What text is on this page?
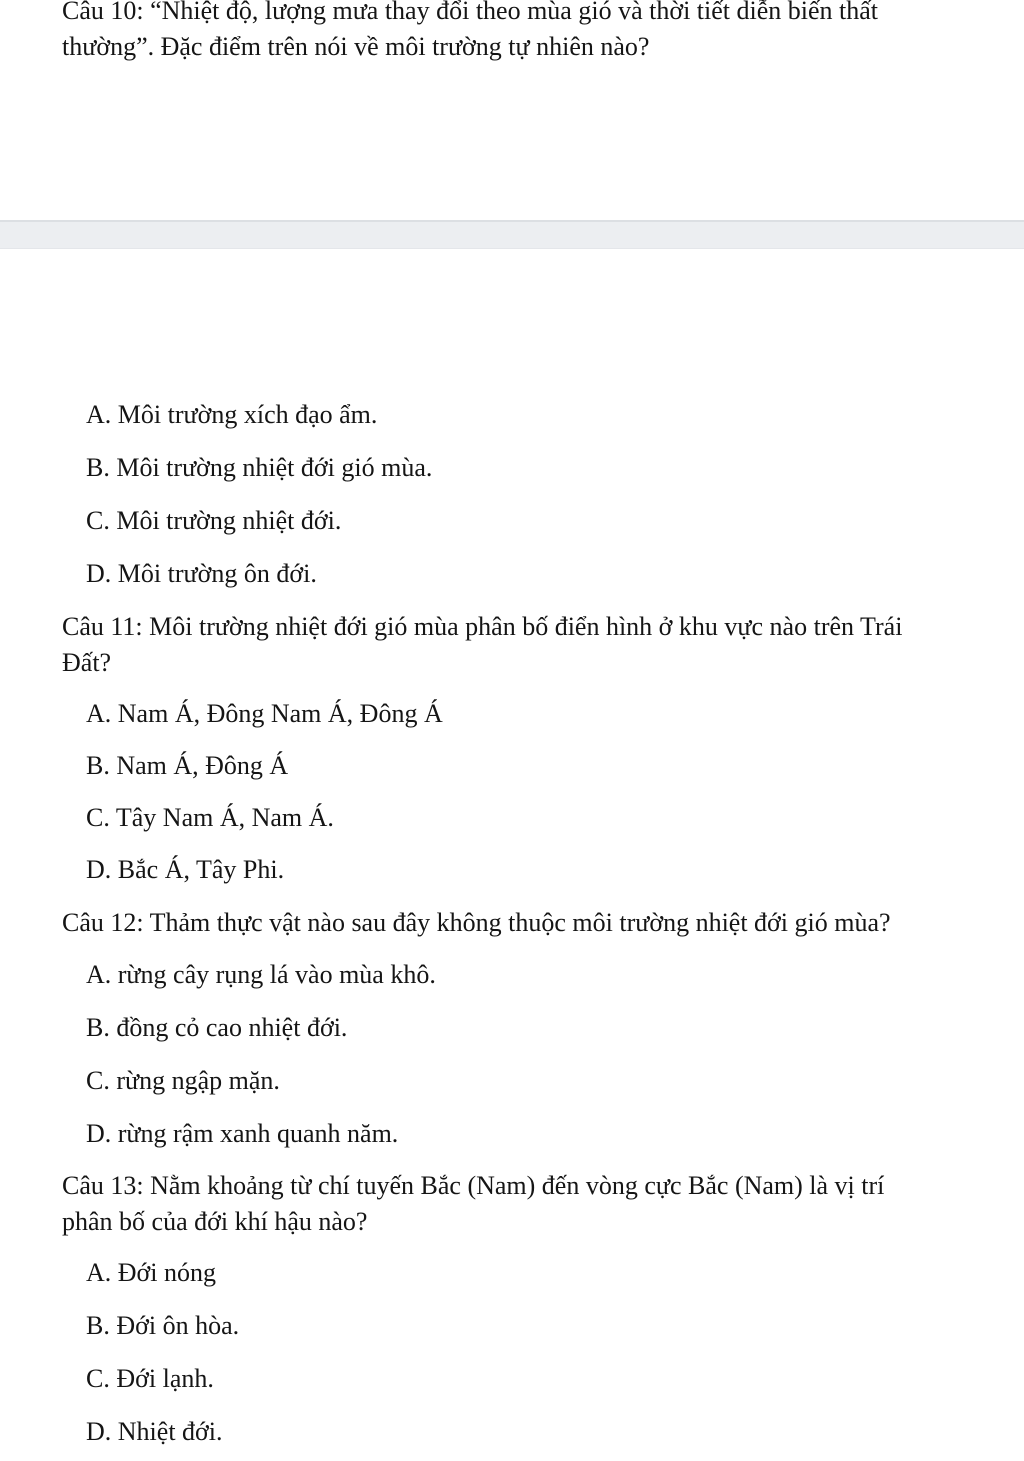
Câu 10: “Nhiệt độ, lượng mưa thay đổi theo mùa gió và thời tiết diễn biến thất

thường”. Đặc điểm trên nói về môi trường tự nhiên nào?

A. Môi trường xích đạo ẩm.

B. Môi trường nhiệt đới gió mùa.

C. Môi trường nhiệt đới.

D. Môi trường ôn đới.

Câu 11: Môi trường nhiệt đới gió mùa phân bố điển hình ở khu vực nào trên Trái

Đất?

A. Nam Á, Đông Nam Á, Đông Á

B. Nam Á, Đông Á

C. Tây Nam Á, Nam Á.

D. Bắc Á, Tây Phi.

Câu 12: Thảm thực vật nào sau đây không thuộc môi trường nhiệt đới gió mùa?

A. rừng cây rụng lá vào mùa khô.

B. đồng cỏ cao nhiệt đới.

C. rừng ngập mặn.

D. rừng rậm xanh quanh năm.

Câu 13: Nằm khoảng từ chí tuyến Bắc (Nam) đến vòng cực Bắc (Nam) là vị trí

phân bố của đới khí hậu nào?

A. Đới nóng

B. Đới ôn hòa.

C. Đới lạnh.

D. Nhiệt đới.
